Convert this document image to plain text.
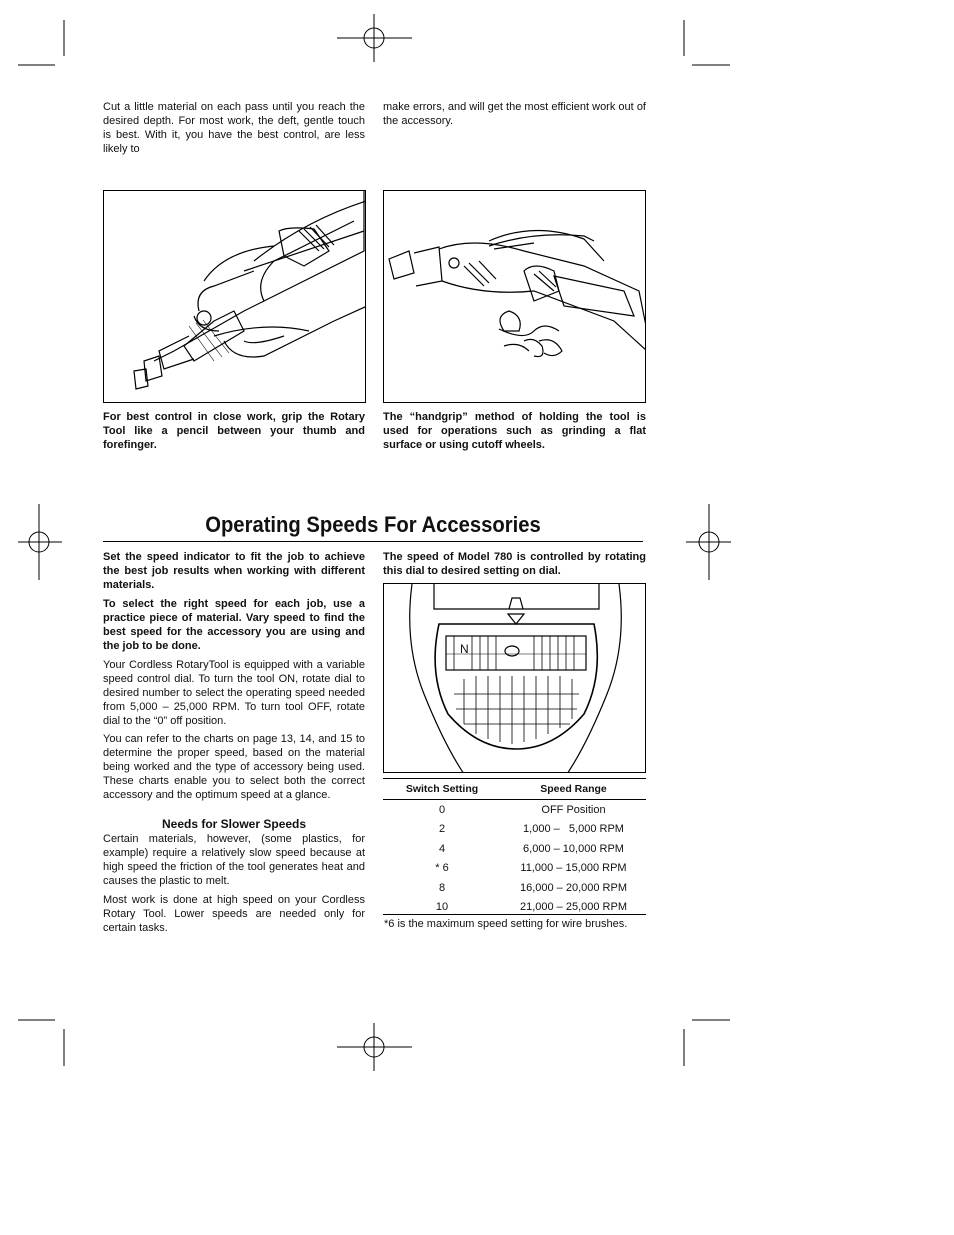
Cut a little material on each pass until you reach the desired depth. For most work, the deft, gentle touch is best. With it, you have the best control, are less likely to

make errors, and will get the most efficient work out of the accessory.

For best control in close work, grip the Rotary Tool like a pencil between your thumb and forefinger.

The “handgrip” method of holding the tool is used for operations such as grinding a flat surface or using cutoff wheels.

Operating Speeds For Accessories

Set the speed indicator to fit the job to achieve the best job results when working with different materials.

To select the right speed for each job, use a practice piece of material. Vary speed to find the best speed for the accessory you are using and the job to be done.

Your Cordless RotaryTool is equipped with a variable speed control dial. To turn the tool ON, rotate dial to desired number to select the operating speed needed from 5,000 – 25,000 RPM. To turn tool OFF, rotate dial to the “0” off position.

You can refer to the charts on page 13, 14, and 15 to determine the proper speed, based on the material being worked and the type of accessory being used. These charts enable you to select both the correct accessory and the optimum speed at a glance.

Needs for Slower Speeds

Certain materials, however, (some plastics, for example) require a relatively slow speed because at high speed the friction of the tool generates heat and causes the plastic to melt.

Most work is done at high speed on your Cordless Rotary Tool. Lower speeds are needed only for certain tasks.

The speed of Model 780 is controlled by rotating this dial to desired setting on dial.

N
Switch Setting	Speed Range
0	OFF Position
2	1,000 –   5,000 RPM
4	6,000 – 10,000 RPM
* 6	11,000 – 15,000 RPM
8	16,000 – 20,000 RPM
10	21,000 – 25,000 RPM
*6 is the maximum speed setting for wire brushes.
